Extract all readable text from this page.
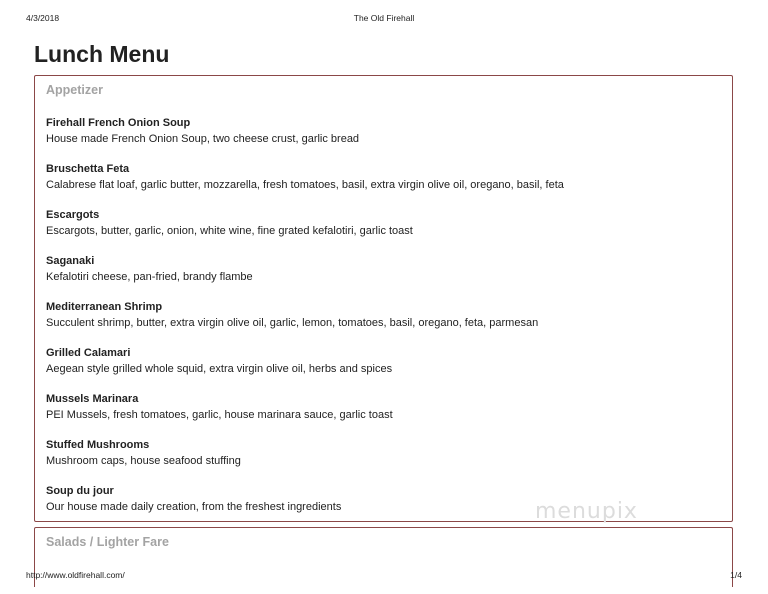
4/3/2018	The Old Firehall
Lunch Menu
Appetizer
Firehall French Onion Soup
House made French Onion Soup, two cheese crust, garlic bread
Bruschetta Feta
Calabrese flat loaf, garlic butter, mozzarella, fresh tomatoes, basil, extra virgin olive oil, oregano, basil, feta
Escargots
Escargots, butter, garlic, onion, white wine, fine grated kefalotiri, garlic toast
Saganaki
Kefalotiri cheese, pan-fried, brandy flambe
Mediterranean Shrimp
Succulent shrimp, butter, extra virgin olive oil, garlic, lemon, tomatoes, basil, oregano, feta, parmesan
Grilled Calamari
Aegean style grilled whole squid, extra virgin olive oil, herbs and spices
Mussels Marinara
PEI Mussels, fresh tomatoes, garlic, house marinara sauce, garlic toast
Stuffed Mushrooms
Mushroom caps, house seafood stuffing
Soup du jour
Our house made daily creation, from the freshest ingredients	menupix
Salads / Lighter Fare
http://www.oldfirehall.com/	1/4
